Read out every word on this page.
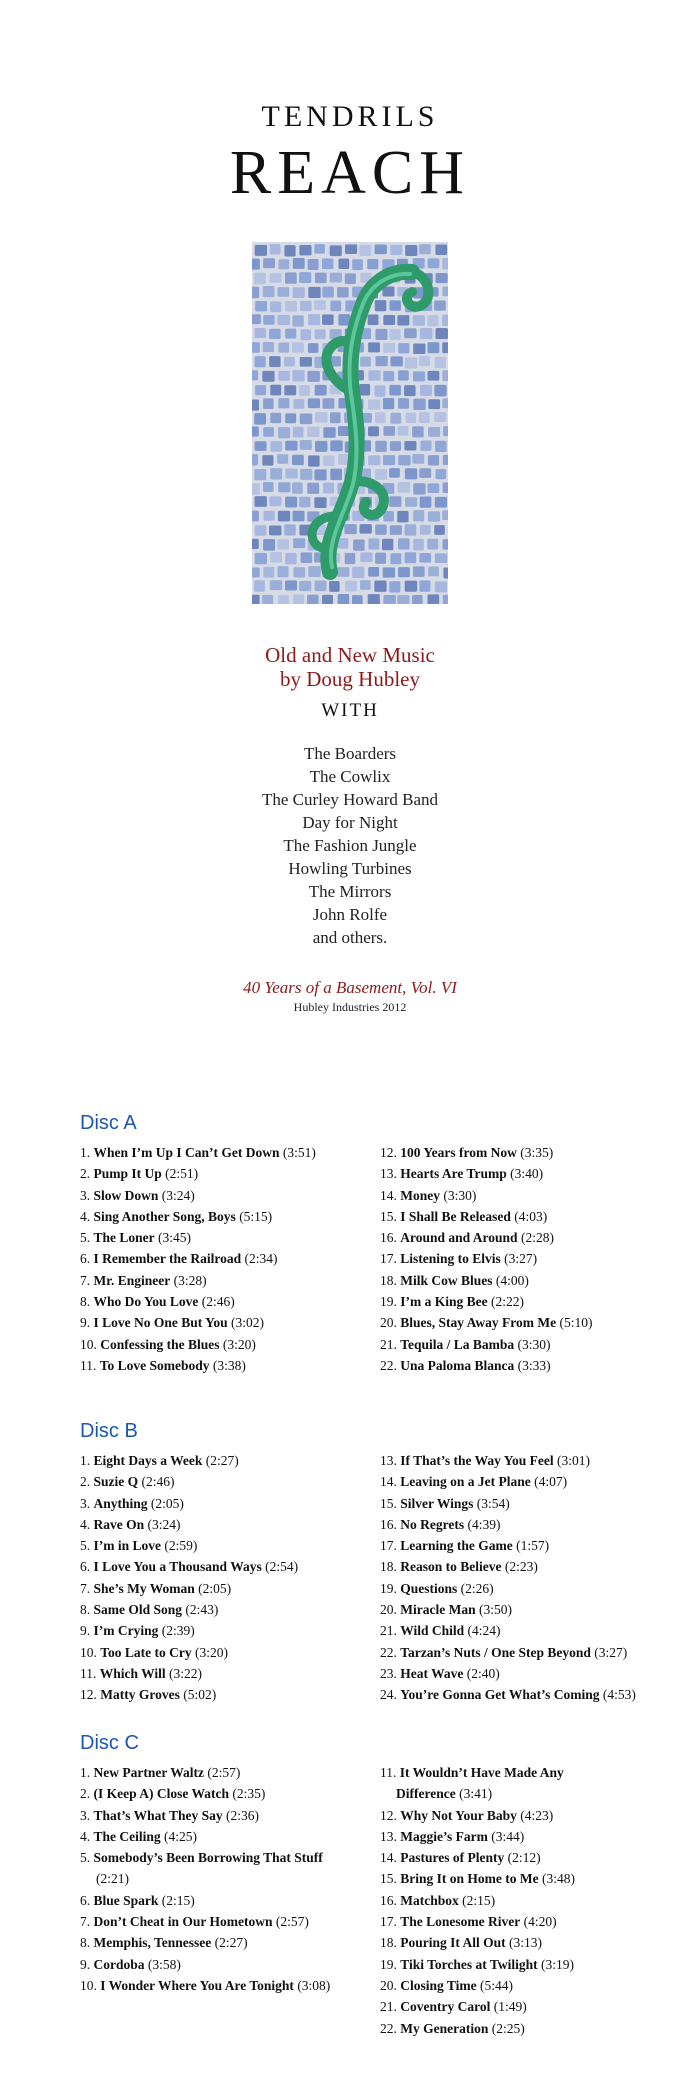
TENDRILS
REACH
Old and New Music
by Doug Hubley
WITH
The Boarders
The Cowlix
The Curley Howard Band
Day for Night
The Fashion Jungle
Howling Turbines
The Mirrors
John Rolfe
and others.
40 Years of a Basement, Vol. VI
Hubley Industries 2012
Disc A
1. When I’m Up I Can’t Get Down (3:51)
2. Pump It Up (2:51)
3. Slow Down (3:24)
4. Sing Another Song, Boys (5:15)
5. The Loner (3:45)
6. I Remember the Railroad (2:34)
7. Mr. Engineer (3:28)
8. Who Do You Love (2:46)
9. I Love No One But You (3:02)
10. Confessing the Blues (3:20)
11. To Love Somebody (3:38)
12. 100 Years from Now (3:35)
13. Hearts Are Trump (3:40)
14. Money (3:30)
15. I Shall Be Released (4:03)
16. Around and Around (2:28)
17. Listening to Elvis (3:27)
18. Milk Cow Blues (4:00)
19. I’m a King Bee (2:22)
20. Blues, Stay Away From Me (5:10)
21. Tequila / La Bamba (3:30)
22. Una Paloma Blanca (3:33)
Disc B
1. Eight Days a Week (2:27)
2. Suzie Q (2:46)
3. Anything (2:05)
4. Rave On (3:24)
5. I’m in Love (2:59)
6. I Love You a Thousand Ways (2:54)
7. She’s My Woman (2:05)
8. Same Old Song (2:43)
9. I’m Crying (2:39)
10. Too Late to Cry (3:20)
11. Which Will (3:22)
12. Matty Groves (5:02)
13. If That’s the Way You Feel (3:01)
14. Leaving on a Jet Plane (4:07)
15. Silver Wings (3:54)
16. No Regrets (4:39)
17. Learning the Game (1:57)
18. Reason to Believe (2:23)
19. Questions (2:26)
20. Miracle Man (3:50)
21. Wild Child (4:24)
22. Tarzan’s Nuts / One Step Beyond (3:27)
23. Heat Wave (2:40)
24. You’re Gonna Get What’s Coming (4:53)
Disc C
1. New Partner Waltz (2:57)
2. (I Keep A) Close Watch (2:35)
3. That’s What They Say (2:36)
4. The Ceiling (4:25)
5. Somebody’s Been Borrowing That Stuff (2:21)
6. Blue Spark (2:15)
7. Don’t Cheat in Our Hometown (2:57)
8. Memphis, Tennessee (2:27)
9. Cordoba (3:58)
10. I Wonder Where You Are Tonight (3:08)
11. It Wouldn’t Have Made Any Difference (3:41)
12. Why Not Your Baby (4:23)
13. Maggie’s Farm (3:44)
14. Pastures of Plenty (2:12)
15. Bring It on Home to Me (3:48)
16. Matchbox (2:15)
17. The Lonesome River (4:20)
18. Pouring It All Out (3:13)
19. Tiki Torches at Twilight (3:19)
20. Closing Time (5:44)
21. Coventry Carol (1:49)
22. My Generation (2:25)
